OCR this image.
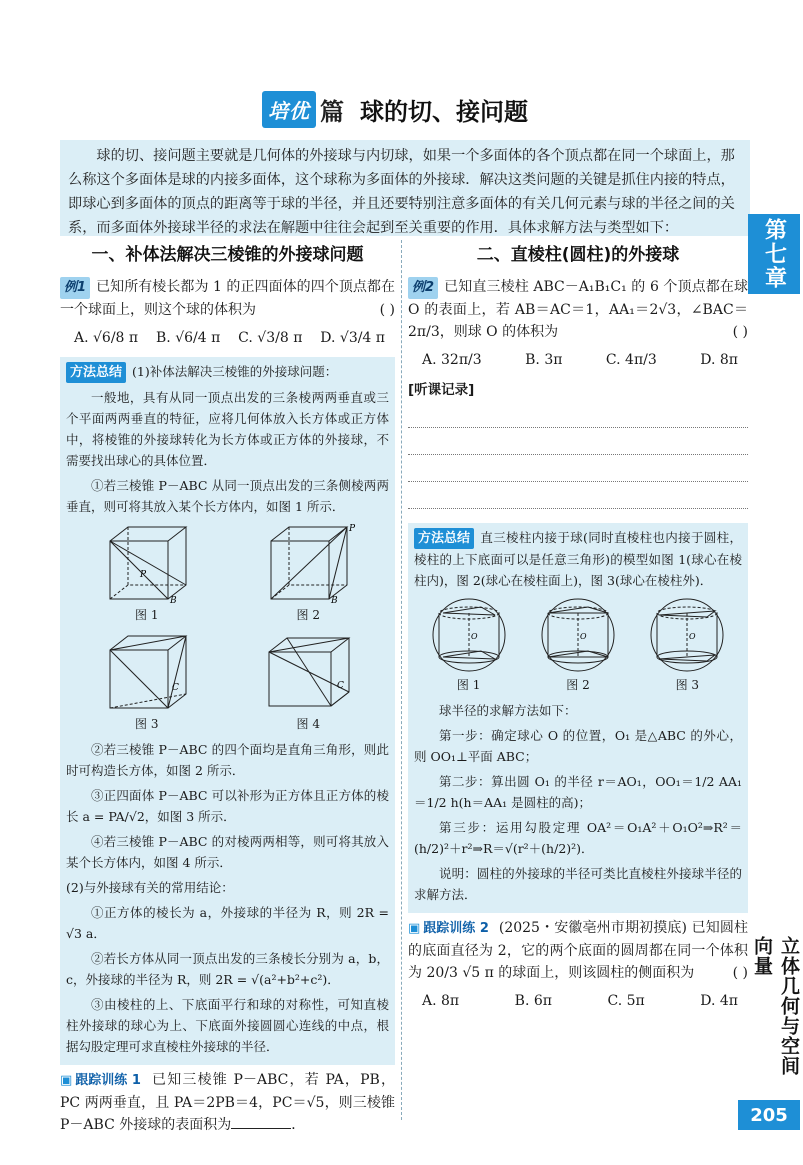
培优 篇 球的切、接问题
球的切、接问题主要就是几何体的外接球与内切球，如果一个多面体的各个顶点都在同一个球面上，那么称这个多面体是球的内接多面体，这个球称为多面体的外接球．解决这类问题的关键是抓住内接的特点，即球心到多面体的顶点的距离等于球的半径，并且还要特别注意多面体的有关几何元素与球的半径之间的关系，而多面体外接球半径的求法在解题中往往会起到至关重要的作用．具体求解方法与类型如下：	第七章
立体几何与空间向量
205
一、补体法解决三棱锥的外接球问题

例1 已知所有棱长都为 1 的正四面体的四个顶点都在一个球面上，则这个球的体积为	( )

A. √6/8 π B. √6/4 π C. √3/8 π D. √3/4 π

方法总结 (1)补体法解决三棱锥的外接球问题：

一般地，具有从同一顶点出发的三条棱两两垂直或三个平面两两垂直的特征，应将几何体放入长方体或正方体中，将棱锥的外接球转化为长方体或正方体的外接球，不需要找出球心的具体位置．

①若三棱锥 P－ABC 从同一顶点出发的三条侧棱两两垂直，则可将其放入某个长方体内，如图 1 所示．

P
B
图 1
P
B
图 2
C
图 3
C
图 4

②若三棱锥 P－ABC 的四个面均是直角三角形，则此时可构造长方体，如图 2 所示．

③正四面体 P－ABC 可以补形为正方体且正方体的棱长 a = PA/√2，如图 3 所示．

④若三棱锥 P－ABC 的对棱两两相等，则可将其放入某个长方体内，如图 4 所示．

(2)与外接球有关的常用结论：

①正方体的棱长为 a，外接球的半径为 R，则 2R = √3 a．

②若长方体从同一顶点出发的三条棱长分别为 a，b，c，外接球的半径为 R，则 2R = √(a²+b²+c²)．

③由棱柱的上、下底面平行和球的对称性，可知直棱柱外接球的球心为上、下底面外接圆圆心连线的中点，根据勾股定理可求直棱柱外接球的半径．

▣ 跟踪训练 1 已知三棱锥 P－ABC，若 PA，PB，PC 两两垂直，且 PA＝2PB＝4，PC＝√5，则三棱锥 P－ABC 外接球的表面积为	．

二、直棱柱(圆柱)的外接球

例2 已知直三棱柱 ABC－A₁B₁C₁ 的 6 个顶点都在球 O 的表面上，若 AB＝AC＝1，AA₁＝2√3，∠BAC＝2π/3，则球 O 的体积为	( )

A. 32π/3	B. 3π	C. 4π/3	D. 8π
[听课记录]

方法总结 直三棱柱内接于球(同时直棱柱也内接于圆柱，棱柱的上下底面可以是任意三角形)的模型如图 1(球心在棱柱内)，图 2(球心在棱柱面上)，图 3(球心在棱柱外)．

O
图 1
O
图 2
O
图 3

球半径的求解方法如下：

第一步：确定球心 O 的位置，O₁ 是△ABC 的外心，则 OO₁⊥平面 ABC；

第二步：算出圆 O₁ 的半径 r＝AO₁，OO₁＝1/2 AA₁＝1/2 h(h＝AA₁ 是圆柱的高)；

第三步：运用勾股定理 OA²＝O₁A²＋O₁O²⇒R²＝(h/2)²＋r²⇒R＝√(r²＋(h/2)²)．

说明：圆柱的外接球的半径可类比直棱柱外接球半径的求解方法．

▣ 跟踪训练 2 (2025・安徽亳州市期初摸底) 已知圆柱的底面直径为 2，它的两个底面的圆周都在同一个体积为 20/3 √5 π 的球面上，则该圆柱的侧面积为	( )

A. 8π	B. 6π	C. 5π	D. 4π
